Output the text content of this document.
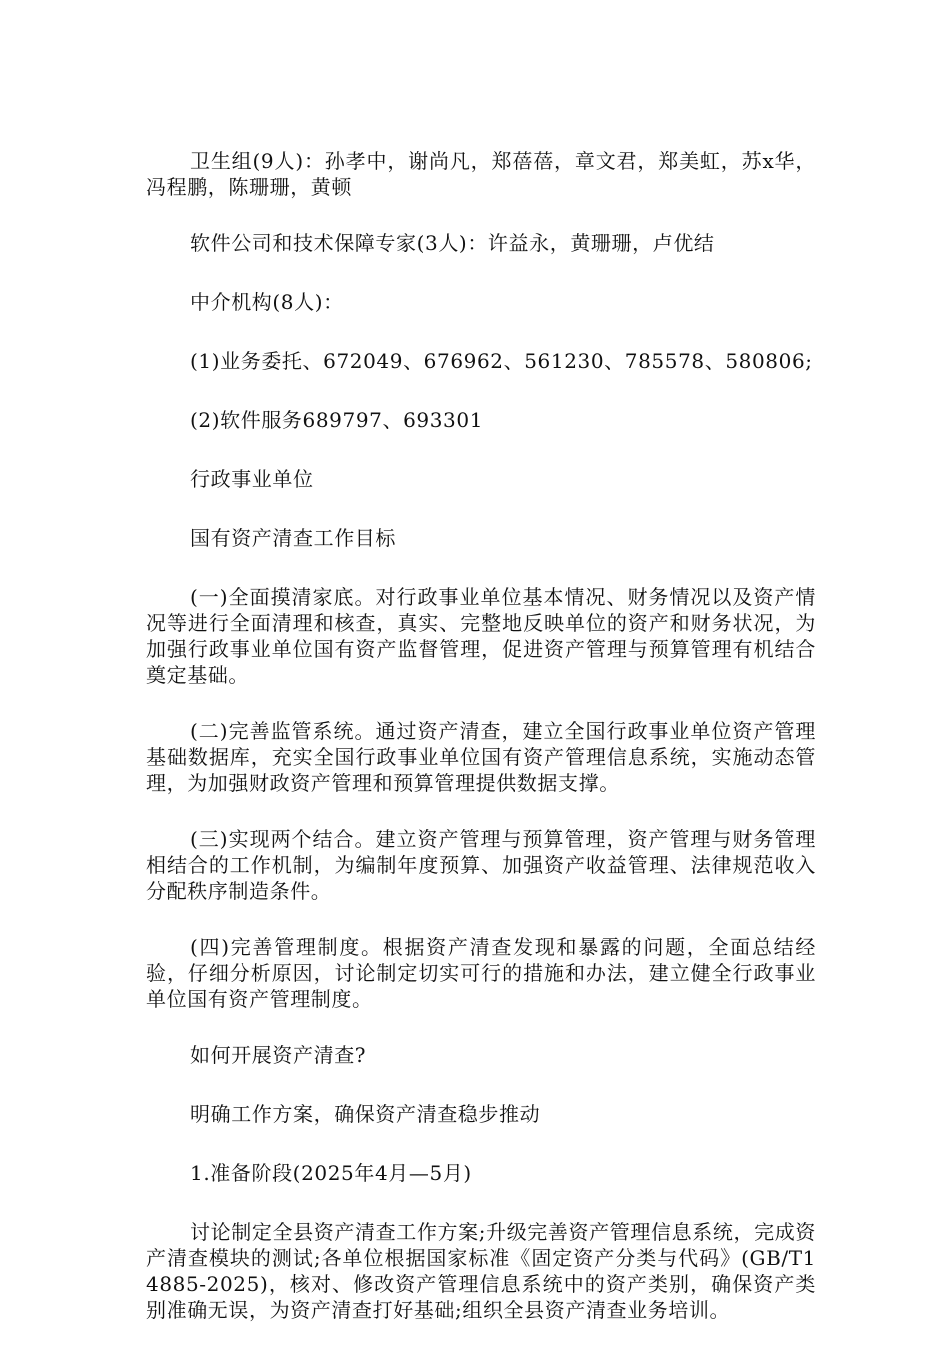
卫生组(9人)：孙孝中，谢尚凡，郑蓓蓓，章文君，郑美虹，苏x华，冯程鹏，陈珊珊，黄顿

软件公司和技术保障专家(3人)：许益永，黄珊珊，卢优结

中介机构(8人)：

(1)业务委托、672049、676962、561230、785578、580806;

(2)软件服务689797、693301

行政事业单位

国有资产清查工作目标

(一)全面摸清家底。对行政事业单位基本情况、财务情况以及资产情况等进行全面清理和核查，真实、完整地反映单位的资产和财务状况，为加强行政事业单位国有资产监督管理，促进资产管理与预算管理有机结合奠定基础。

(二)完善监管系统。通过资产清查，建立全国行政事业单位资产管理基础数据库，充实全国行政事业单位国有资产管理信息系统，实施动态管理，为加强财政资产管理和预算管理提供数据支撑。

(三)实现两个结合。建立资产管理与预算管理，资产管理与财务管理相结合的工作机制，为编制年度预算、加强资产收益管理、法律规范收入分配秩序制造条件。

(四)完善管理制度。根据资产清查发现和暴露的问题，全面总结经验，仔细分析原因，讨论制定切实可行的措施和办法，建立健全行政事业单位国有资产管理制度。

如何开展资产清查?

明确工作方案，确保资产清查稳步推动

1.准备阶段(2025年4月—5月)

讨论制定全县资产清查工作方案;升级完善资产管理信息系统，完成资产清查模块的测试;各单位根据国家标准《固定资产分类与代码》(GB/T14885-2025)，核对、修改资产管理信息系统中的资产类别，确保资产类别准确无误，为资产清查打好基础;组织全县资产清查业务培训。
